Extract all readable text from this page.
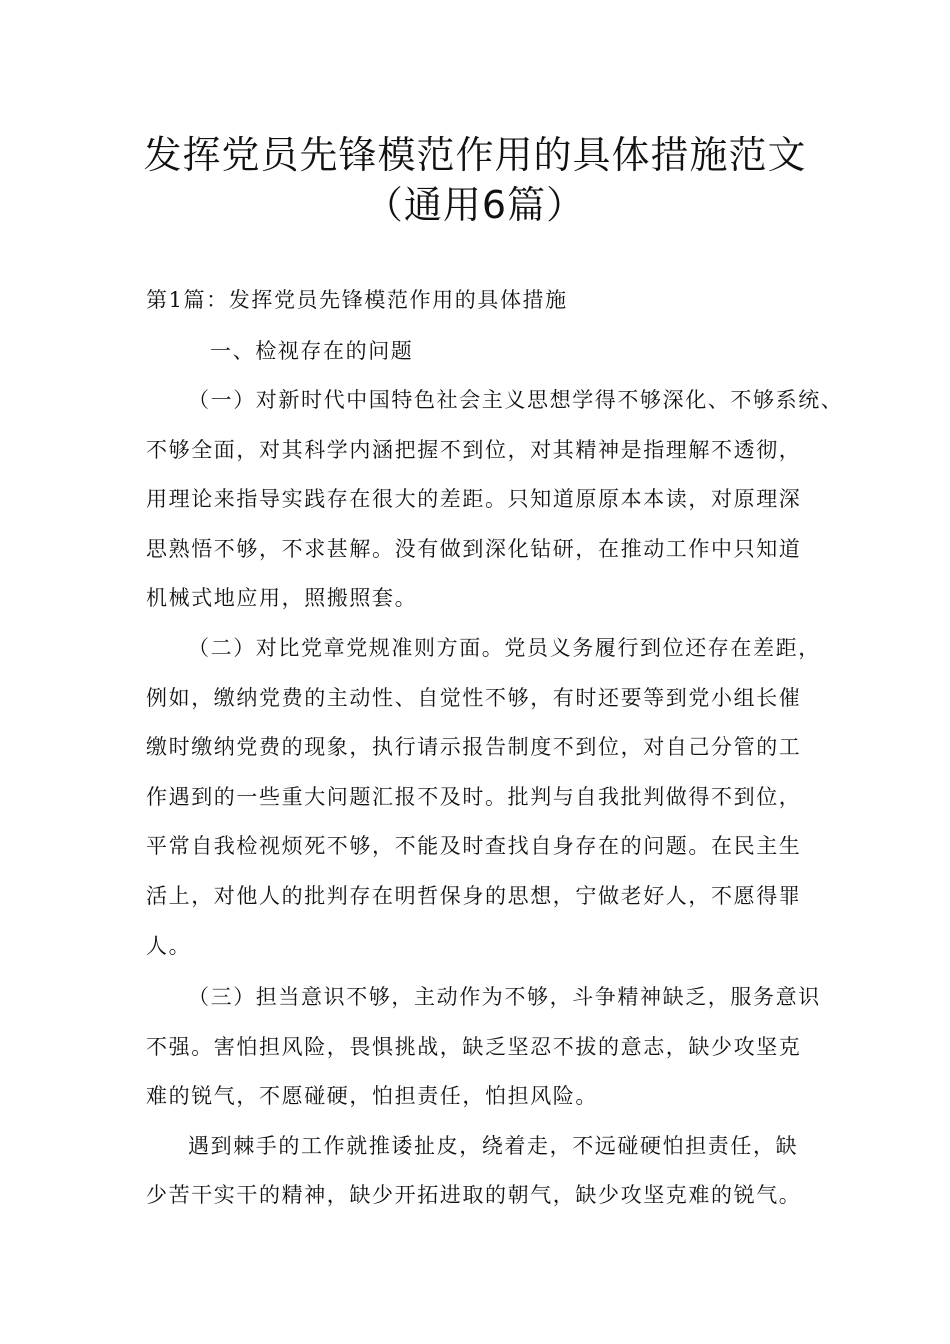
发挥党员先锋模范作用的具体措施范文
（通用6篇）
第1篇：发挥党员先锋模范作用的具体措施
一、检视存在的问题
（一）对新时代中国特色社会主义思想学得不够深化、不够系统、
不够全面，对其科学内涵把握不到位，对其精神是指理解不透彻，
用理论来指导实践存在很大的差距。只知道原原本本读，对原理深
思熟悟不够，不求甚解。没有做到深化钻研，在推动工作中只知道
机械式地应用，照搬照套。
（二）对比党章党规准则方面。党员义务履行到位还存在差距，
例如，缴纳党费的主动性、自觉性不够，有时还要等到党小组长催
缴时缴纳党费的现象，执行请示报告制度不到位，对自己分管的工
作遇到的一些重大问题汇报不及时。批判与自我批判做得不到位，
平常自我检视烦死不够，不能及时查找自身存在的问题。在民主生
活上，对他人的批判存在明哲保身的思想，宁做老好人，不愿得罪
人。
（三）担当意识不够，主动作为不够，斗争精神缺乏，服务意识
不强。害怕担风险，畏惧挑战，缺乏坚忍不拔的意志，缺少攻坚克
难的锐气，不愿碰硬，怕担责任，怕担风险。
遇到棘手的工作就推诿扯皮，绕着走，不远碰硬怕担责任，缺
少苦干实干的精神，缺少开拓进取的朝气，缺少攻坚克难的锐气。
